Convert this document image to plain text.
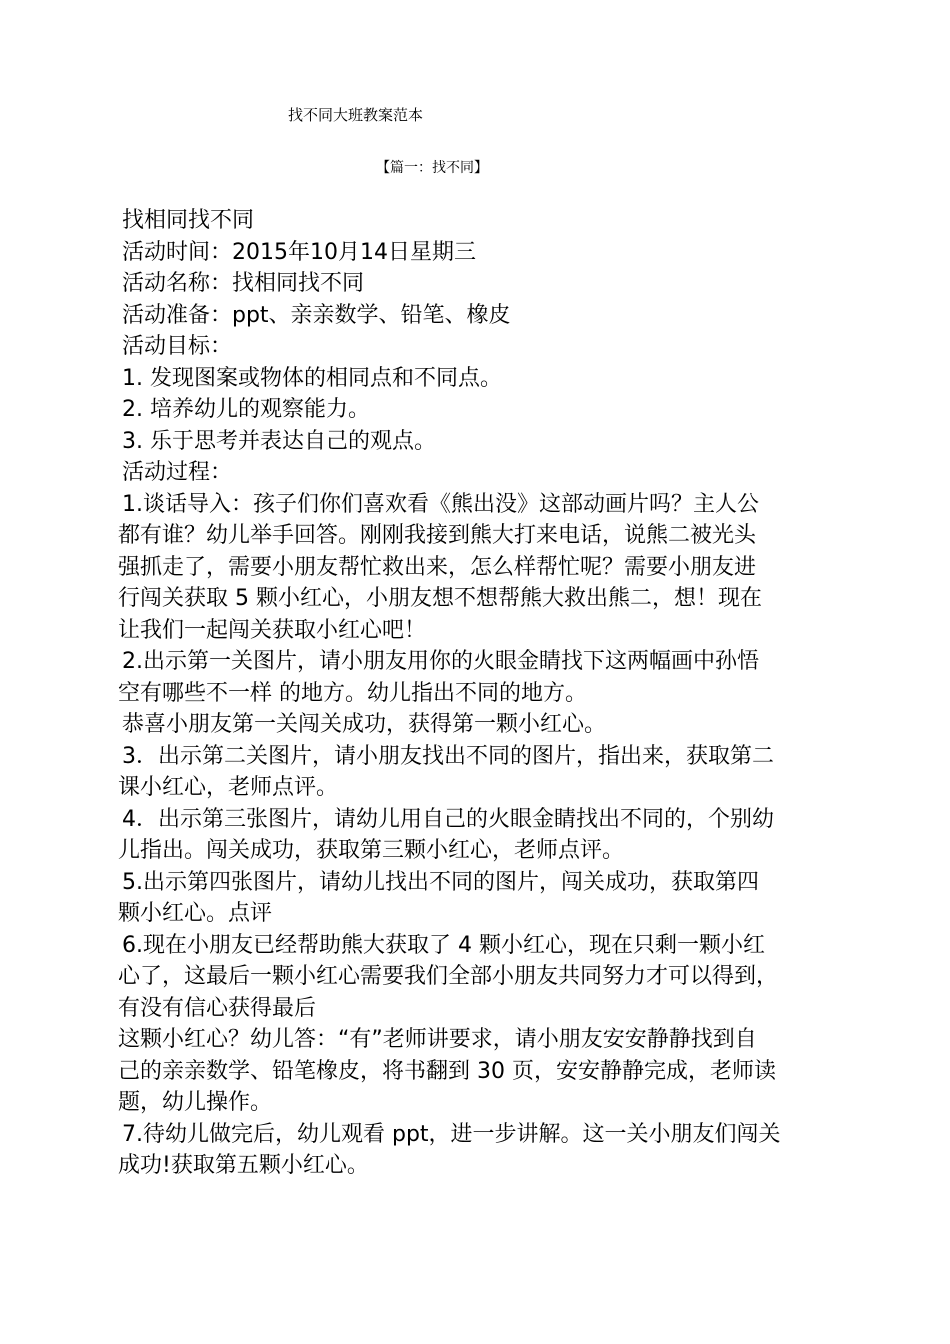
找不同大班教案范本
【篇一：找不同】
找相同找不同
活动时间：2015年10月14日星期三
活动名称：找相同找不同
活动准备：ppt、亲亲数学、铅笔、橡皮
活动目标：
1. 发现图案或物体的相同点和不同点。
2. 培养幼儿的观察能力。
3. 乐于思考并表达自己的观点。
活动过程：
1.谈话导入：孩子们你们喜欢看《熊出没》这部动画片吗？主人公
都有谁？幼儿举手回答。刚刚我接到熊大打来电话，说熊二被光头
强抓走了，需要小朋友帮忙救出来，怎么样帮忙呢？需要小朋友进
行闯关获取 5 颗小红心，小朋友想不想帮熊大救出熊二，想！现在
让我们一起闯关获取小红心吧！
2.出示第一关图片，请小朋友用你的火眼金睛找下这两幅画中孙悟
空有哪些不一样 的地方。幼儿指出不同的地方。
恭喜小朋友第一关闯关成功，获得第一颗小红心。
3．出示第二关图片，请小朋友找出不同的图片，指出来，获取第二
课小红心，老师点评。
4．出示第三张图片，请幼儿用自己的火眼金睛找出不同的，个别幼
儿指出。闯关成功，获取第三颗小红心，老师点评。
5.出示第四张图片，请幼儿找出不同的图片，闯关成功，获取第四
颗小红心。点评
6.现在小朋友已经帮助熊大获取了 4 颗小红心，现在只剩一颗小红
心了，这最后一颗小红心需要我们全部小朋友共同努力才可以得到，
有没有信心获得最后
这颗小红心？幼儿答：“有”老师讲要求，请小朋友安安静静找到自
己的亲亲数学、铅笔橡皮，将书翻到 30 页，安安静静完成，老师读
题，幼儿操作。
7.待幼儿做完后，幼儿观看 ppt，进一步讲解。这一关小朋友们闯关
成功!获取第五颗小红心。
